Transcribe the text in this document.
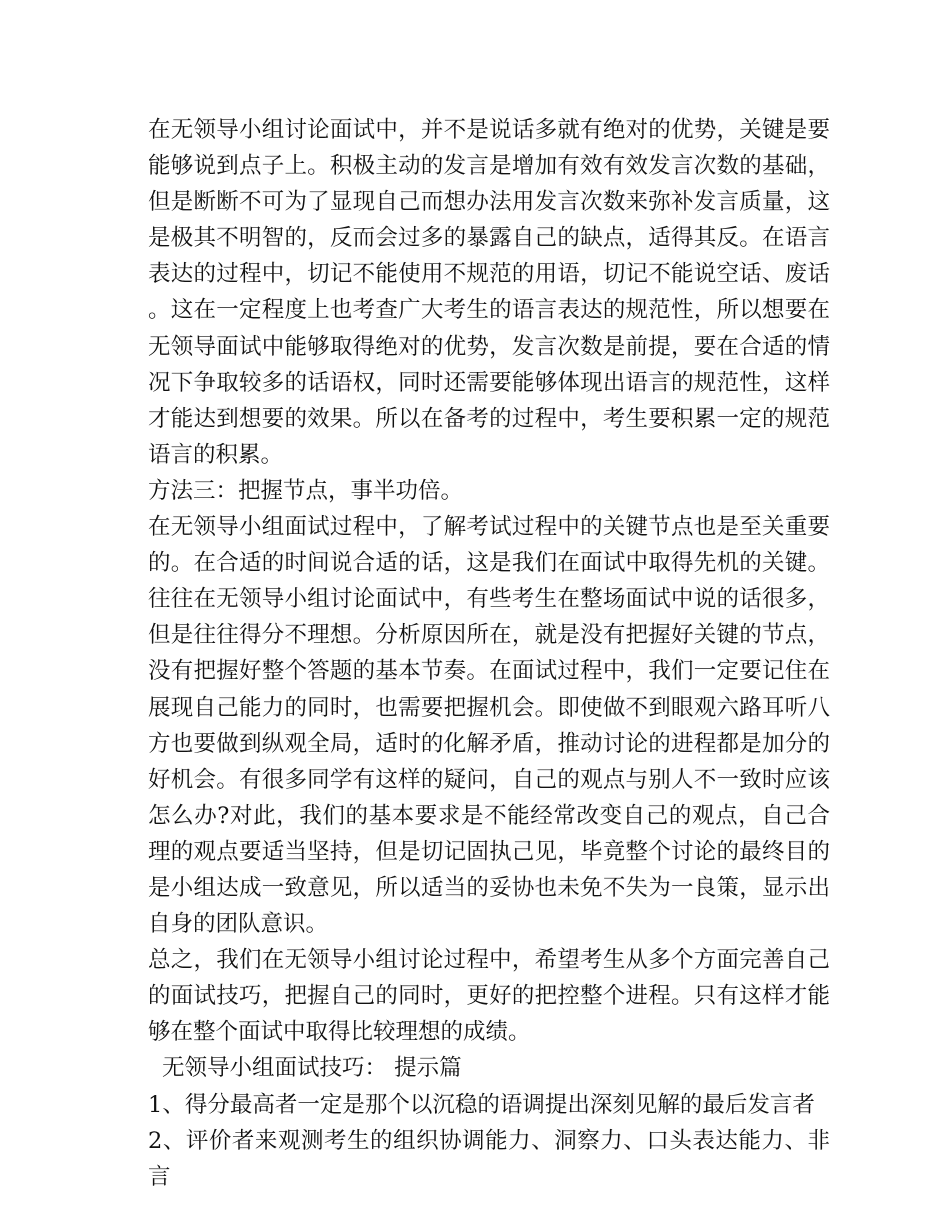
在无领导小组讨论面试中，并不是说话多就有绝对的优势，关键是要能够说到点子上。积极主动的发言是增加有效有效发言次数的基础，但是断断不可为了显现自己而想办法用发言次数来弥补发言质量，这是极其不明智的，反而会过多的暴露自己的缺点，适得其反。在语言表达的过程中，切记不能使用不规范的用语，切记不能说空话、废话。这在一定程度上也考查广大考生的语言表达的规范性，所以想要在无领导面试中能够取得绝对的优势，发言次数是前提，要在合适的情况下争取较多的话语权，同时还需要能够体现出语言的规范性，这样才能达到想要的效果。所以在备考的过程中，考生要积累一定的规范语言的积累。

方法三：把握节点，事半功倍。

在无领导小组面试过程中，了解考试过程中的关键节点也是至关重要的。在合适的时间说合适的话，这是我们在面试中取得先机的关键。往往在无领导小组讨论面试中，有些考生在整场面试中说的话很多，但是往往得分不理想。分析原因所在，就是没有把握好关键的节点，没有把握好整个答题的基本节奏。在面试过程中，我们一定要记住在展现自己能力的同时，也需要把握机会。即使做不到眼观六路耳听八方也要做到纵观全局，适时的化解矛盾，推动讨论的进程都是加分的好机会。有很多同学有这样的疑问，自己的观点与别人不一致时应该怎么办?对此，我们的基本要求是不能经常改变自己的观点，自己合理的观点要适当坚持，但是切记固执己见，毕竟整个讨论的最终目的是小组达成一致意见，所以适当的妥协也未免不失为一良策，显示出自身的团队意识。

总之，我们在无领导小组讨论过程中，希望考生从多个方面完善自己的面试技巧，把握自己的同时，更好的把控整个进程。只有这样才能够在整个面试中取得比较理想的成绩。

无领导小组面试技巧： 提示篇

1、得分最高者一定是那个以沉稳的语调提出深刻见解的最后发言者

2、评价者来观测考生的组织协调能力、洞察力、口头表达能力、非言
